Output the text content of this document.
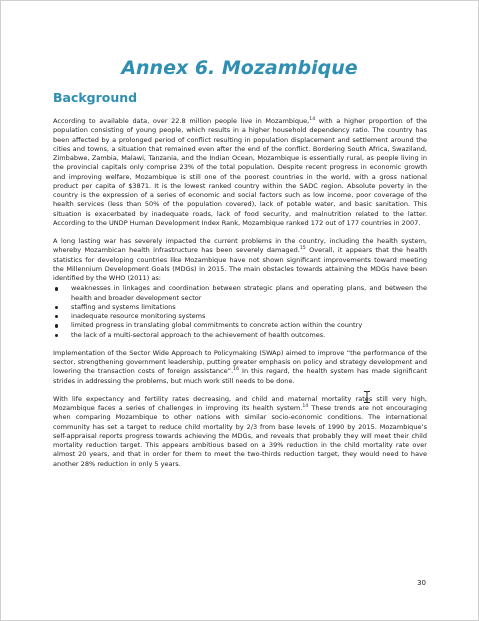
Annex 6. Mozambique
Background

According to available data, over 22.8 million people live in Mozambique,$^{14}$ with a higher proportion of the population consisting of young people, which results in a higher household dependency ratio. The country has been affected by a prolonged period of conflict resulting in population displacement and settlement around the cities and towns, a situation that remained even after the end of the conflict. Bordering South Africa, Swaziland, Zimbabwe, Zambia, Malawi, Tanzania, and the Indian Ocean, Mozambique is essentially rural, as people living in the provincial capitals only comprise 23% of the total population. Despite recent progress in economic growth and improving welfare, Mozambique is still one of the poorest countries in the world, with a gross national product per capita of $3871. It is the lowest ranked country within the SADC region. Absolute poverty in the country is the expression of a series of economic and social factors such as low income, poor coverage of the health services (less than 50% of the population covered), lack of potable water, and basic sanitation. This situation is exacerbated by inadequate roads, lack of food security, and malnutrition related to the latter. According to the UNDP Human Development Index Rank, Mozambique ranked 172 out of 177 countries in 2007.

A long lasting war has severely impacted the current problems in the country, including the health system, whereby Mozambican health infrastructure has been severely damaged.$^{15}$ Overall, it appears that the health statistics for developing countries like Mozambique have not shown significant improvements toward meeting the Millennium Development Goals (MDGs) in 2015. The main obstacles towards attaining the MDGs have been identified by the WHO (2011) as:

weaknesses in linkages and coordination between strategic plans and operating plans, and between the health and broader development sector
staffing and systems limitations
inadequate resource monitoring systems
limited progress in translating global commitments to concrete action within the country
the lack of a multi-sectoral approach to the achievement of health outcomes.

Implementation of the Sector Wide Approach to Policymaking (SWAp) aimed to improve “the performance of the sector, strengthening government leadership, putting greater emphasis on policy and strategy development and lowering the transaction costs of foreign assistance”.$^{16}$ In this regard, the health system has made significant strides in addressing the problems, but much work still needs to be done.

With life expectancy and fertility rates decreasing, and child and maternal mortality rates still very high, Mozambique faces a series of challenges in improving its health system.$^{14}$ These trends are not encouraging when comparing Mozambique to other nations with similar socio-economic conditions. The international community has set a target to reduce child mortality by 2/3 from base levels of 1990 by 2015. Mozambique’s self-appraisal reports progress towards achieving the MDGs, and reveals that probably they will meet their child mortality reduction target. This appears ambitious based on a 39% reduction in the child mortality rate over almost 20 years, and that in order for them to meet the two-thirds reduction target, they would need to have another 28% reduction in only 5 years.

30
